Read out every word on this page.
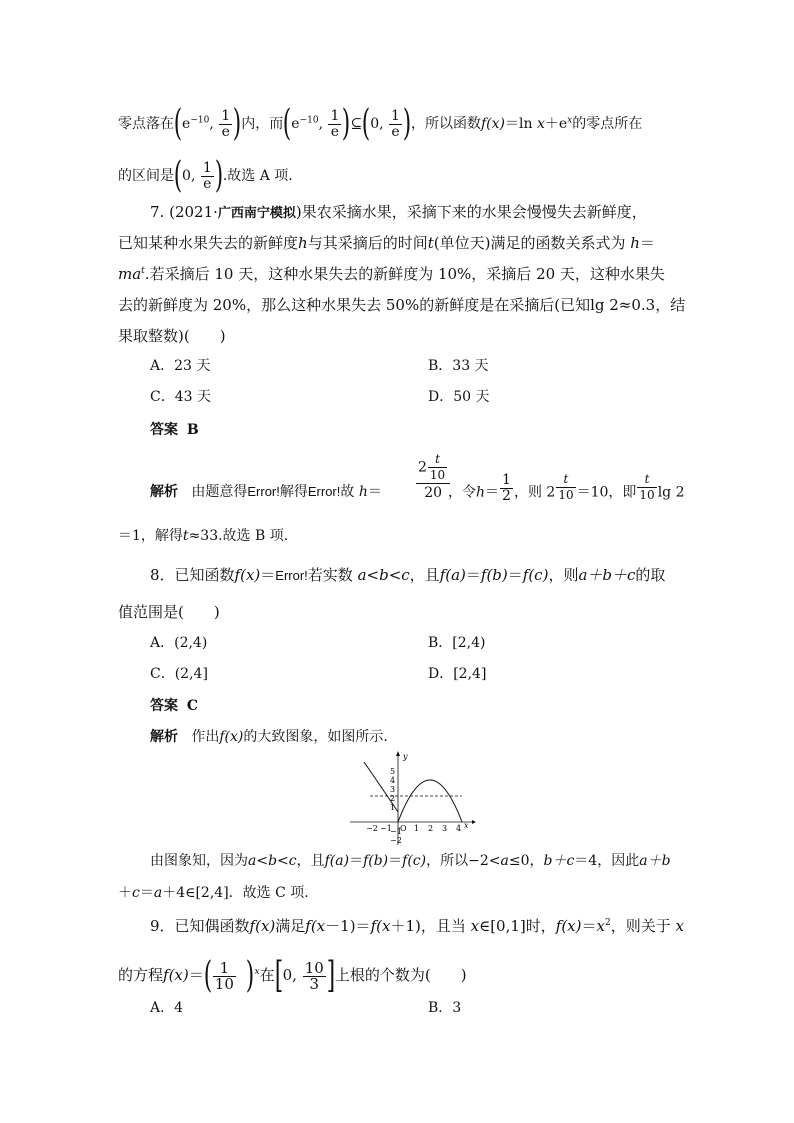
零点落在($e^{-10}$, $\frac{1}{e}$ )内，而($e^{-10}$, $\frac{1}{e}$ )⊆(0, $\frac{1}{e}$ )，所以函数f(x)＝ln $x+e^x$的零点所在
的区间是(0, $\frac{1}{e}$ ).故选 A 项.
7. (2021·广西南宁模拟)果农采摘水果，采摘下来的水果会慢慢失去新鲜度，
已知某种水果失去的新鲜度h与其采摘后的时间t(单位天)满足的函数关系式为 h＝
$ma^t$.若采摘后 10 天，这种水果失去的新鲜度为 10%，采摘后 20 天，这种水果失
去的新鲜度为 20%，那么这种水果失去 50%的新鲜度是在采摘后(已知lg 2≈0.3，结
果取整数)(　　)
A．23 天	B．33 天
C．43 天	D．50 天
答案 B
解析 由题意得Error!解得Error!故 h＝
$2 \frac{t}{10}$
20 ，令$h= \frac{1}{2}$ ，则 $2 \frac{t}{10} =10$，即 $\frac{t}{10}$ lg 2
＝1，解得t≈33.故选 B 项.
8．已知函数f(x)＝Error!若实数 a<b<c，且f(a)＝f(b)＝f(c)，则a＋b＋c的取
值范围是(　　)
A．(2,4)	B．[2,4)
C．(2,4]	D．[2,4]
答案 C
解析 作出f(x)的大致图象，如图所示.
y
x
5
4
3
2
1
−1
−2
−2 −1 O 1 2 3 4
由图象知，因为a<b<c，且f(a)＝f(b)＝f(c)，所以−2<a≤0，b＋c＝4，因此a＋b
＋c＝a＋4∈[2,4]．故选 C 项.
9．已知偶函数f(x)满足f(x－1)＝f(x＋1)，且当 x∈[0,1]时，$f(x)=x^2$，则关于 x
的方程$f(x)=( \frac{1}{10} )^x$在[0, $\frac{10}{3}$ ]上根的个数为(　　)
A．4	B．3
